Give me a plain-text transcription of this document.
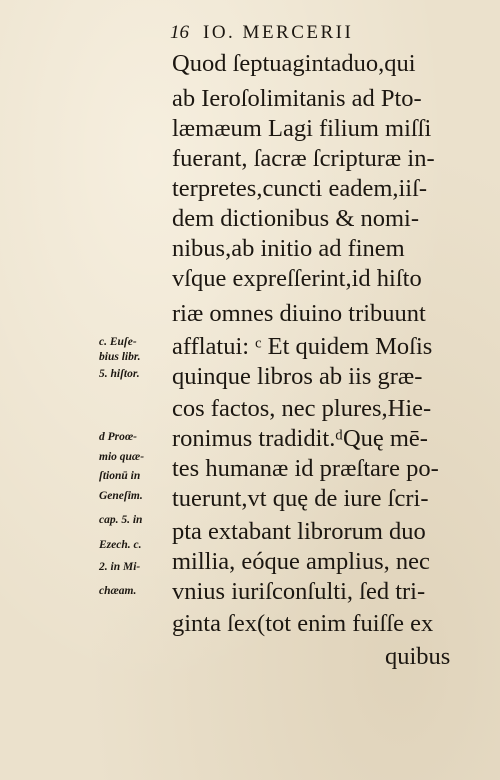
16 IO. MERCERII
Quod ſeptuagintaduo,qui
ab Ieroſolimitanis ad Pto-
læmæum Lagi filium miſſi
fuerant, ſacræ ſcripturæ in-
terpretes,cuncti eadem,iiſ-
dem dictionibus & nomi-
nibus,ab initio ad finem
vſque expreſſerint,id hiſto
riæ omnes diuino tribuunt
afflatui: ᶜ Et quidem Moſis
quinque libros ab iis græ-
cos factos, nec plures,Hie-
ronimus tradidit.ᵈQuę mē-
tes humanæ id præſtare po-
tuerunt,vt quę de iure ſcri-
pta extabant librorum duo
millia, eóque amplius, nec
vnius iuriſconſulti, ſed tri-
ginta ſex(tot enim fuiſſe ex
quibus
c. Euſe-
bius libr.
5. hiſtor.
d Proœ-
mio quæ-
ſtionū in
Geneſim.
cap. 5. in
Ezech. c.
2. in Mi-
chæam.
